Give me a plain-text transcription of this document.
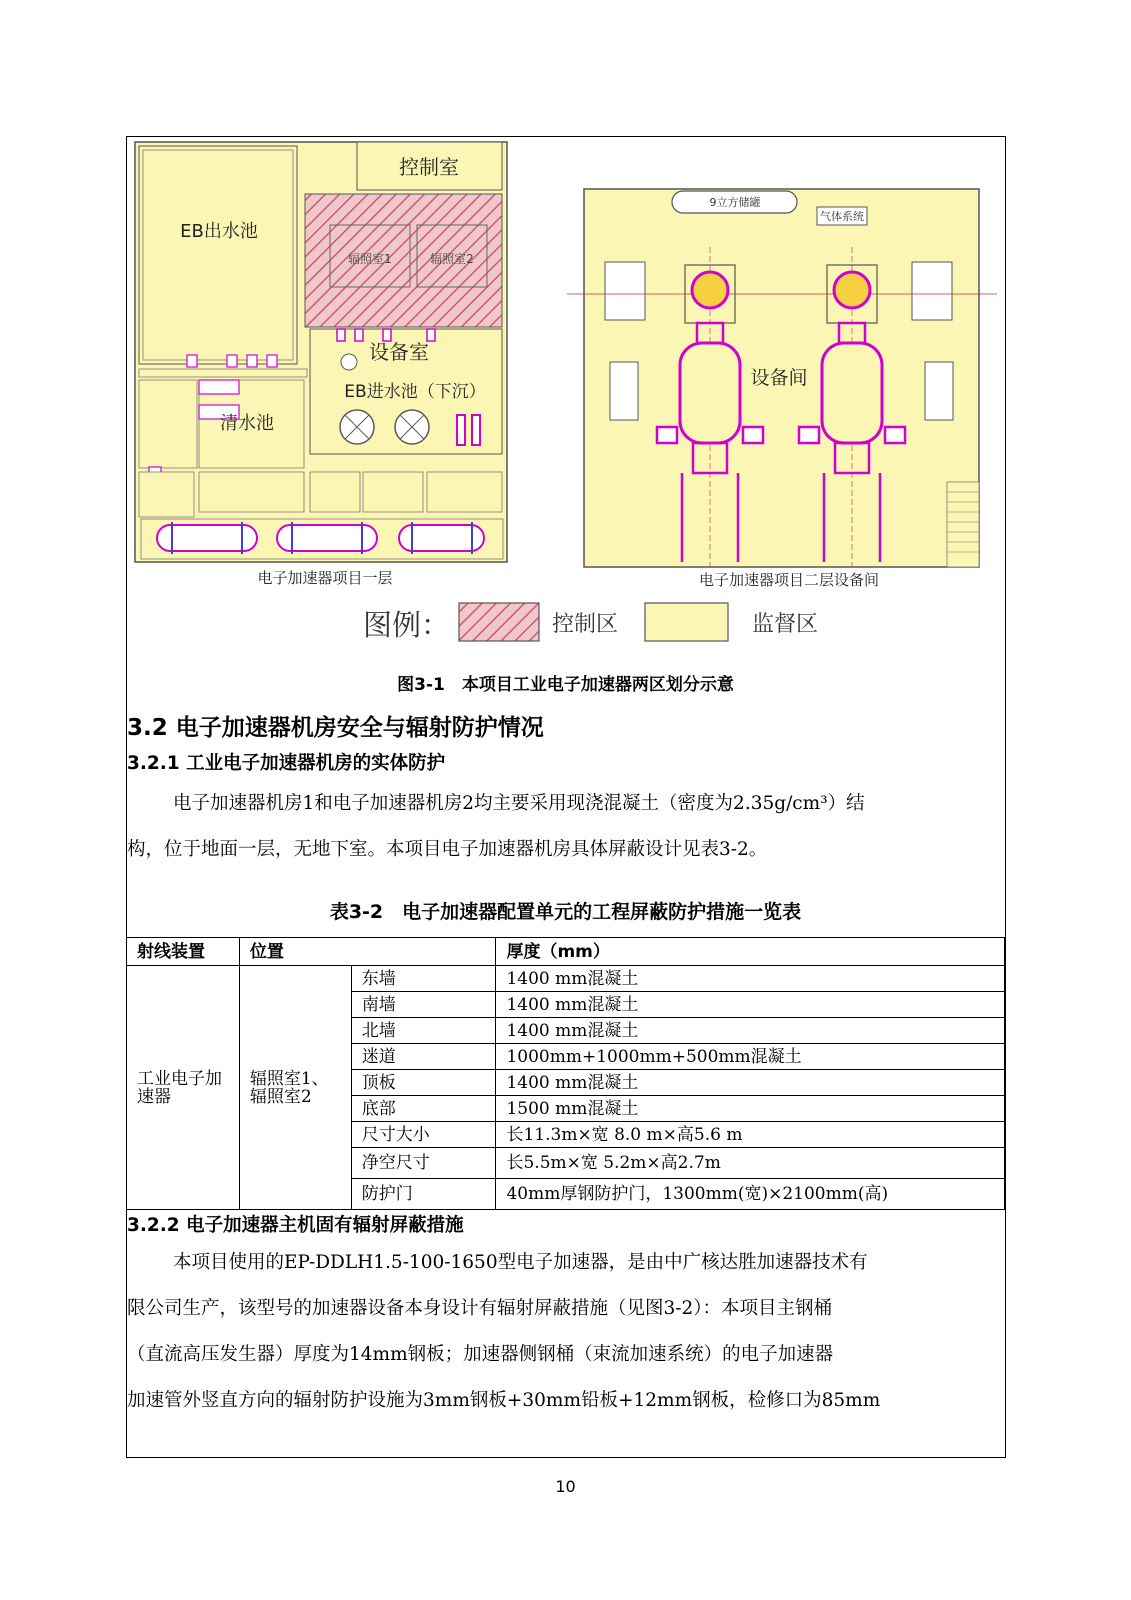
控制室
EB出水池
辐照室1	辐照室2
设备室
EB进水池（下沉）
清水池
电子加速器项目一层
9立方储罐
气体系统
设备间
电子加速器项目二层设备间
图例：	控制区	监督区
图3-1　本项目工业电子加速器两区划分示意
3.2 电子加速器机房安全与辐射防护情况
3.2.1 工业电子加速器机房的实体防护

电子加速器机房1和电子加速器机房2均主要采用现浇混凝土（密度为2.35g/cm³）结

构，位于地面一层，无地下室。本项目电子加速器机房具体屏蔽设计见表3-2。

表3-2　电子加速器配置单元的工程屏蔽防护措施一览表
射线装置	位置		厚度（mm）
工业电子加速器	辐照室1、辐照室2	东墙	1400 mm混凝土
		南墙	1400 mm混凝土
		北墙	1400 mm混凝土
		迷道	1000mm+1000mm+500mm混凝土
		顶板	1400 mm混凝土
		底部	1500 mm混凝土
		尺寸大小	长11.3m×宽 8.0 m×高5.6 m
		净空尺寸	长5.5m×宽 5.2m×高2.7m
		防护门	40mm厚钢防护门，1300mm(宽)×2100mm(高)
3.2.2 电子加速器主机固有辐射屏蔽措施

本项目使用的EP-DDLH1.5-100-1650型电子加速器，是由中广核达胜加速器技术有

限公司生产，该型号的加速器设备本身设计有辐射屏蔽措施（见图3-2）：本项目主钢桶

（直流高压发生器）厚度为14mm钢板；加速器侧钢桶（束流加速系统）的电子加速器

加速管外竖直方向的辐射防护设施为3mm钢板+30mm铅板+12mm钢板，检修口为85mm

10
